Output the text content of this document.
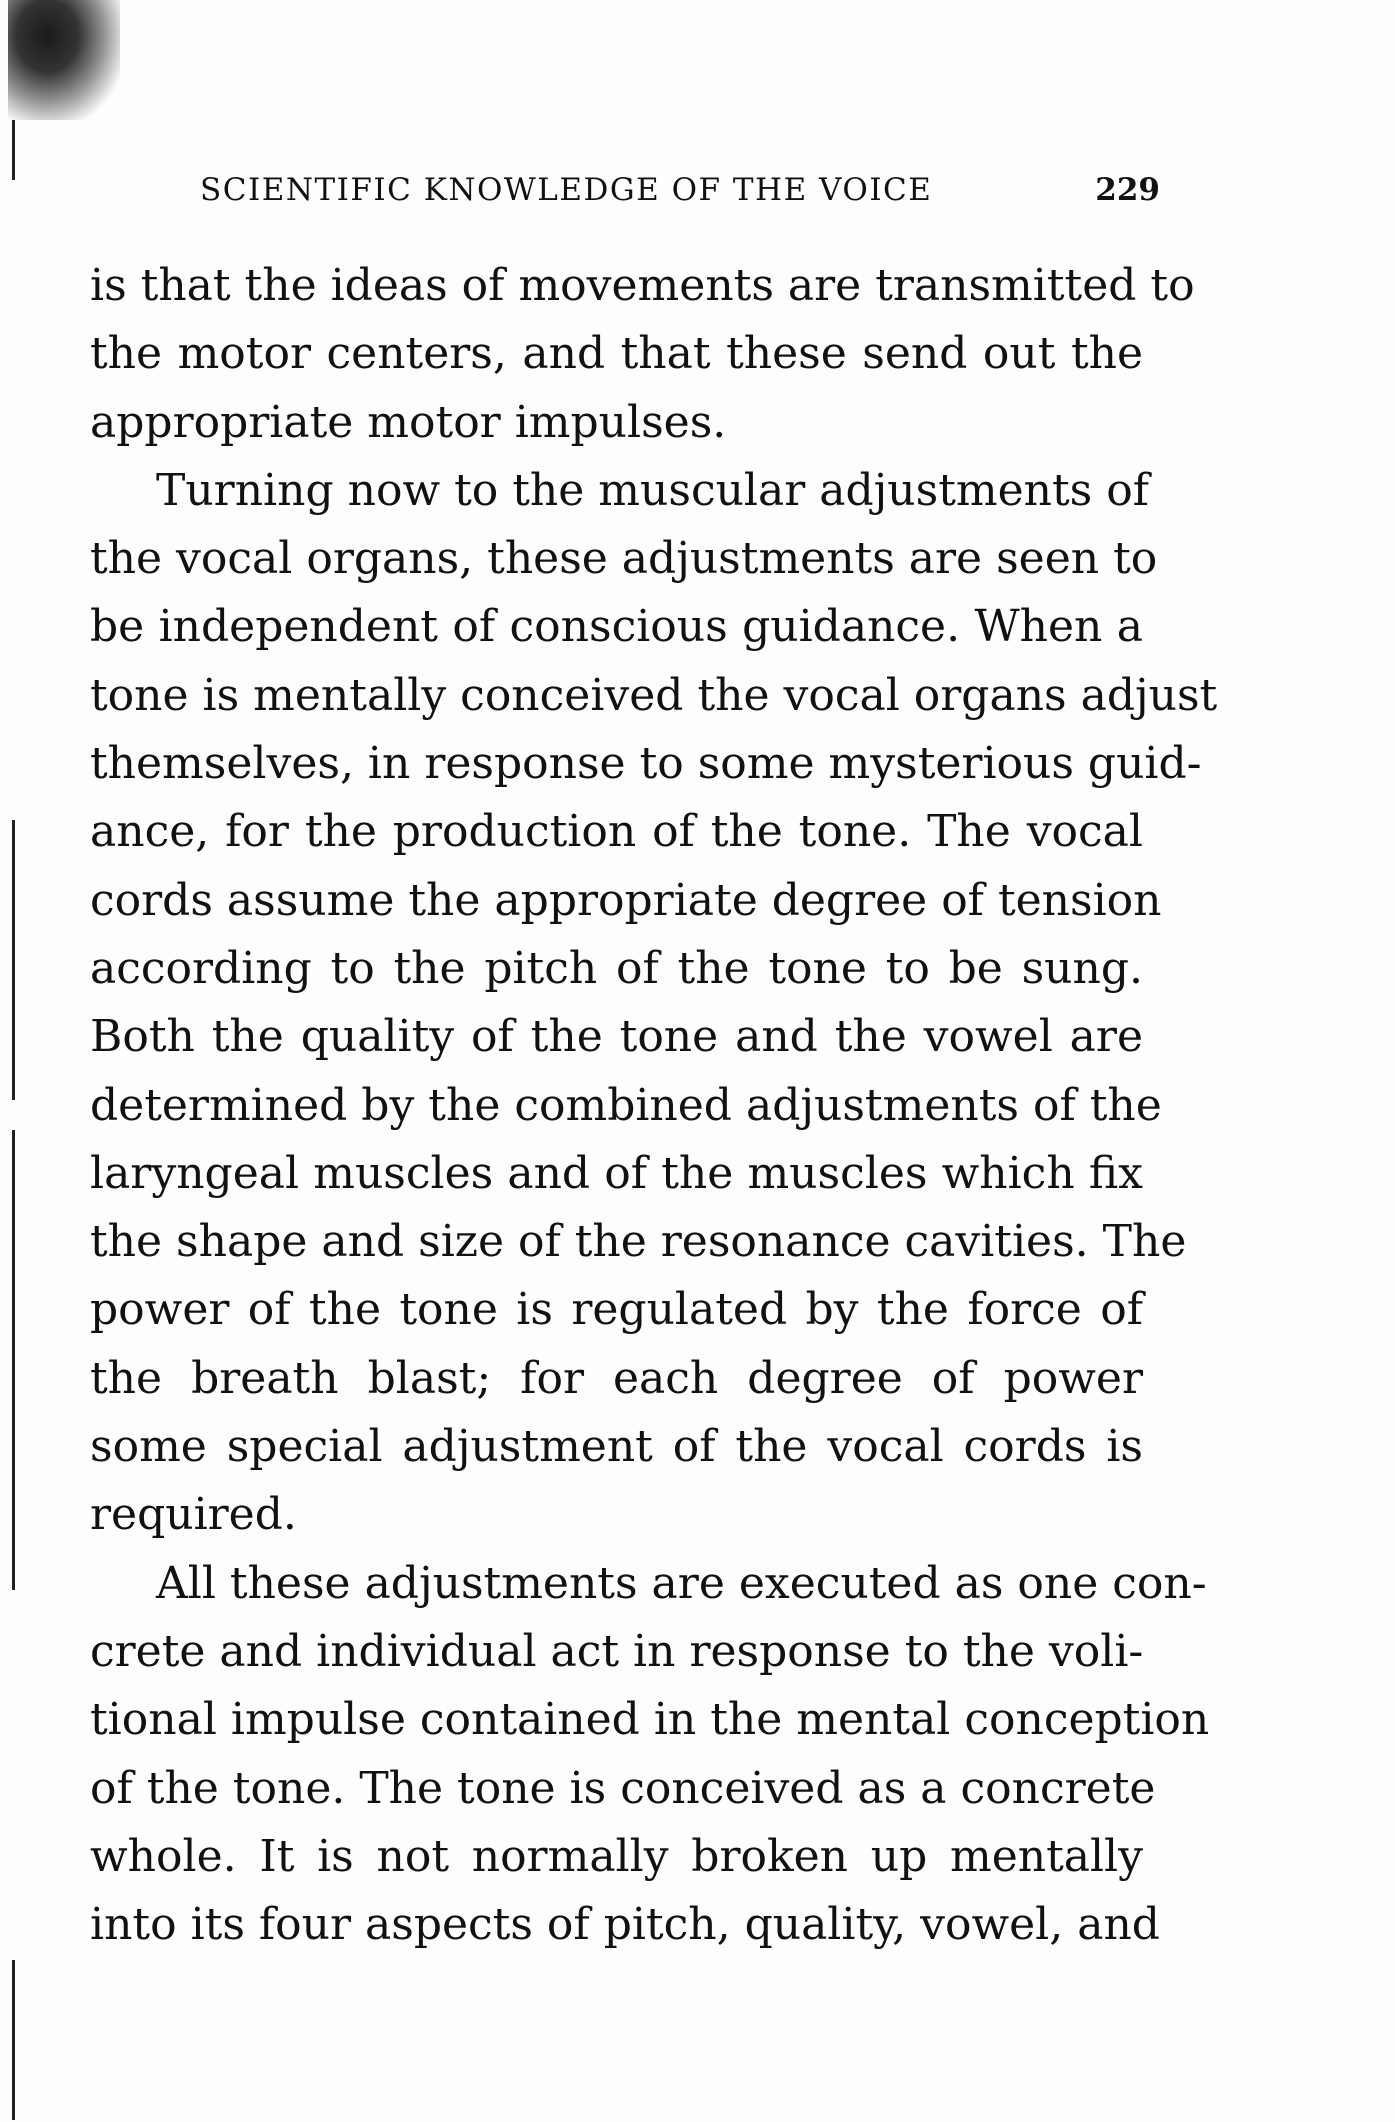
SCIENTIFIC KNOWLEDGE OF THE VOICE	229
is that the ideas of movements are transmitted to
the motor centers, and that these send out the
appropriate motor impulses.
Turning now to the muscular adjustments of
the vocal organs, these adjustments are seen to
be independent of conscious guidance. When a
tone is mentally conceived the vocal organs adjust
themselves, in response to some mysterious guid-
ance, for the production of the tone. The vocal
cords assume the appropriate degree of tension
according to the pitch of the tone to be sung.
Both the quality of the tone and the vowel are
determined by the combined adjustments of the
laryngeal muscles and of the muscles which fix
the shape and size of the resonance cavities. The
power of the tone is regulated by the force of
the breath blast; for each degree of power
some special adjustment of the vocal cords is
required.
All these adjustments are executed as one con-
crete and individual act in response to the voli-
tional impulse contained in the mental conception
of the tone. The tone is conceived as a concrete
whole. It is not normally broken up mentally
into its four aspects of pitch, quality, vowel, and
